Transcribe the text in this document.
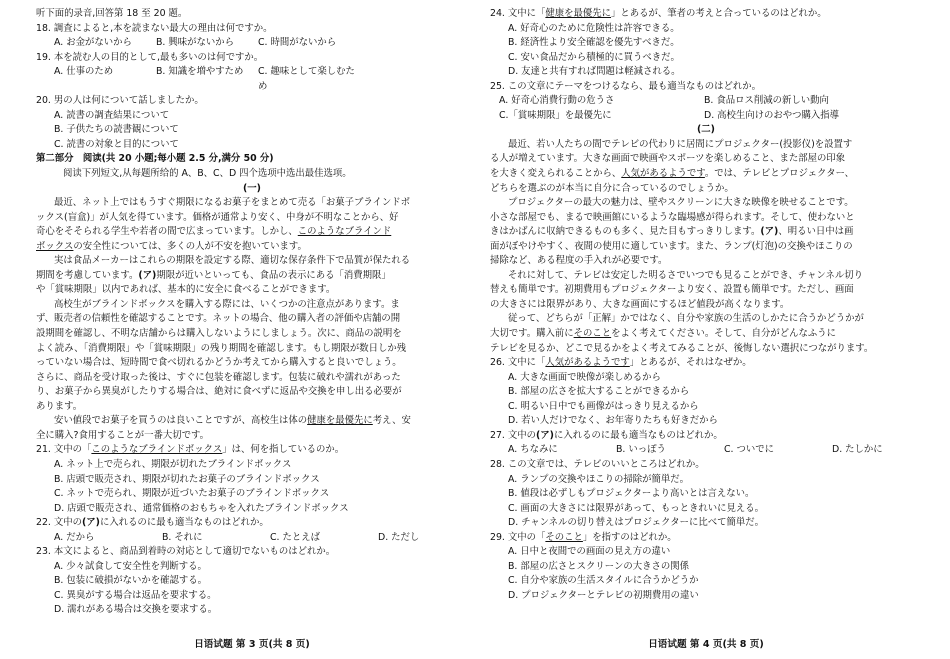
听下面的录音,回答第 18 至 20 题。
18. 調査によると,本を読まない最大の理由は何ですか。
A. お金がないから	B. 興味がないから	C. 時間がないから
19. 本を読む人の目的として,最も多いのは何ですか。
A. 仕事のため	B. 知識を増やすため	C. 趣味として楽しむため
20. 男の人は何について話しましたか。
A. 読書の調査結果について
B. 子供たちの読書観について
C. 読書の対象と目的について
第二部分　阅读(共 20 小题;每小题 2.5 分,满分 50 分)
阅读下列短文,从每题所给的 A、B、C、D 四个选项中选出最佳选项。
(一)
最近、ネット上ではもうすぐ期限になるお菓子をまとめて売る「お菓子ブラインドボ
ックス(盲盒)」が人気を得ています。価格が通常より安く、中身が不明なことから、好
奇心をそそられる学生や若者の間で広まっています。しかし、このようなブラインド
ボックスの安全性については、多くの人が不安を抱いています。
実は食品メーカーはこれらの期限を設定する際、適切な保存条件下で品質が保たれる
期間を考慮しています。(ア)期限が近いといっても、食品の表示にある「消費期限」
や「賞味期限」以内であれば、基本的に安全に食べることができます。
高校生がブラインドボックスを購入する際には、いくつかの注意点があります。ま
ず、販売者の信頼性を確認することです。ネットの場合、他の購入者の評価や店舗の開
設期間を確認し、不明な店舗からは購入しないようにしましょう。次に、商品の説明を
よく読み、「消費期限」や「賞味期限」の残り期間を確認します。もし期限が数日しか残
っていない場合は、短時間で食べ切れるかどうか考えてから購入すると良いでしょう。
さらに、商品を受け取った後は、すぐに包装を確認します。包装に破れや濡れがあった
り、お菓子から異臭がしたりする場合は、絶対に食べずに返品や交換を申し出る必要が
あります。
安い値段でお菓子を買うのは良いことですが、高校生は体の健康を最優先に考え、安
全に購入?食用することが一番大切です。
21. 文中の「このようなブラインドボックス」は、何を指しているのか。
A. ネット上で売られ、期限が切れたブラインドボックス
B. 店頭で販売され、期限が切れたお菓子のブラインドボックス
C. ネットで売られ、期限が近づいたお菓子のブラインドボックス
D. 店頭で販売され、通常価格のおもちゃを入れたブラインドボックス
22. 文中の(ア)に入れるのに最も適当なものはどれか。
A. だから	B. それに	C. たとえば	D. ただし
23. 本文によると、商品到着時の対応として適切でないものはどれか。
A. 少々試食して安全性を判断する。
B. 包装に破損がないかを確認する。
C. 異臭がする場合は返品を要求する。
D. 濡れがある場合は交換を要求する。
24. 文中に「健康を最優先に」とあるが、筆者の考えと合っているのはどれか。
A. 好奇心のために危険性は許容できる。
B. 経済性より安全確認を優先すべきだ。
C. 安い食品だから積極的に買うべきだ。
D. 友達と共有すれば問題は軽減される。
25. この文章にテーマをつけるなら、最も適当なものはどれか。
A. 好奇心消費行動の危うさ	B. 食品ロス削減の新しい動向
C.「賞味期限」を最優先に	D. 高校生向けのおやつ購入指導
(二)
最近、若い人たちの間でテレビの代わりに居間にプロジェクター(投影仪)を設置す
る人が増えています。大きな画面で映画やスポーツを楽しめること、また部屋の印象
を大きく変えられることから、人気があるようです。では、テレビとプロジェクター、
どちらを選ぶのが本当に自分に合っているのでしょうか。
プロジェクターの最大の魅力は、壁やスクリーンに大きな映像を映せることです。
小さな部屋でも、まるで映画館にいるような臨場感が得られます。そして、使わないと
きはかばんに収納できるものも多く、見た目もすっきりします。(ア)、明るい日中は画
面がぼやけやすく、夜間の使用に適しています。また、ランプ(灯泡)の交換やほこりの
掃除など、ある程度の手入れが必要です。
それに対して、テレビは安定した明るさでいつでも見ることができ、チャンネル切り
替えも簡単です。初期費用もプロジェクターより安く、設置も簡単です。ただし、画面
の大きさには限界があり、大きな画面にするほど値段が高くなります。
従って、どちらが「正解」かではなく、自分や家族の生活のしかたに合うかどうかが
大切です。購入前にそのことをよく考えてください。そして、自分がどんなふうに
テレビを見るか、どこで見るかをよく考えてみることが、後悔しない選択につながります。
26. 文中に「人気があるようです」とあるが、それはなぜか。
A. 大きな画面で映像が楽しめるから
B. 部屋の広さを拡大することができるから
C. 明るい日中でも画像がはっきり見えるから
D. 若い人だけでなく、お年寄りたちも好きだから
27. 文中の(ア)に入れるのに最も適当なものはどれか。
A. ちなみに	B. いっぽう	C. ついでに	D. たしかに
28. この文章では、テレビのいいところはどれか。
A. ランプの交換やほこりの掃除が簡単だ。
B. 値段は必ずしもプロジェクターより高いとは言えない。
C. 画面の大きさには限界があって、もっときれいに見える。
D. チャンネルの切り替えはプロジェクターに比べて簡単だ。
29. 文中の「そのこと」を指すのはどれか。
A. 日中と夜間での画面の見え方の違い
B. 部屋の広さとスクリーンの大きさの関係
C. 自分や家族の生活スタイルに合うかどうか
D. プロジェクターとテレビの初期費用の違い
日语试题 第 3 页(共 8 页)	日语试题 第 4 页(共 8 页)
